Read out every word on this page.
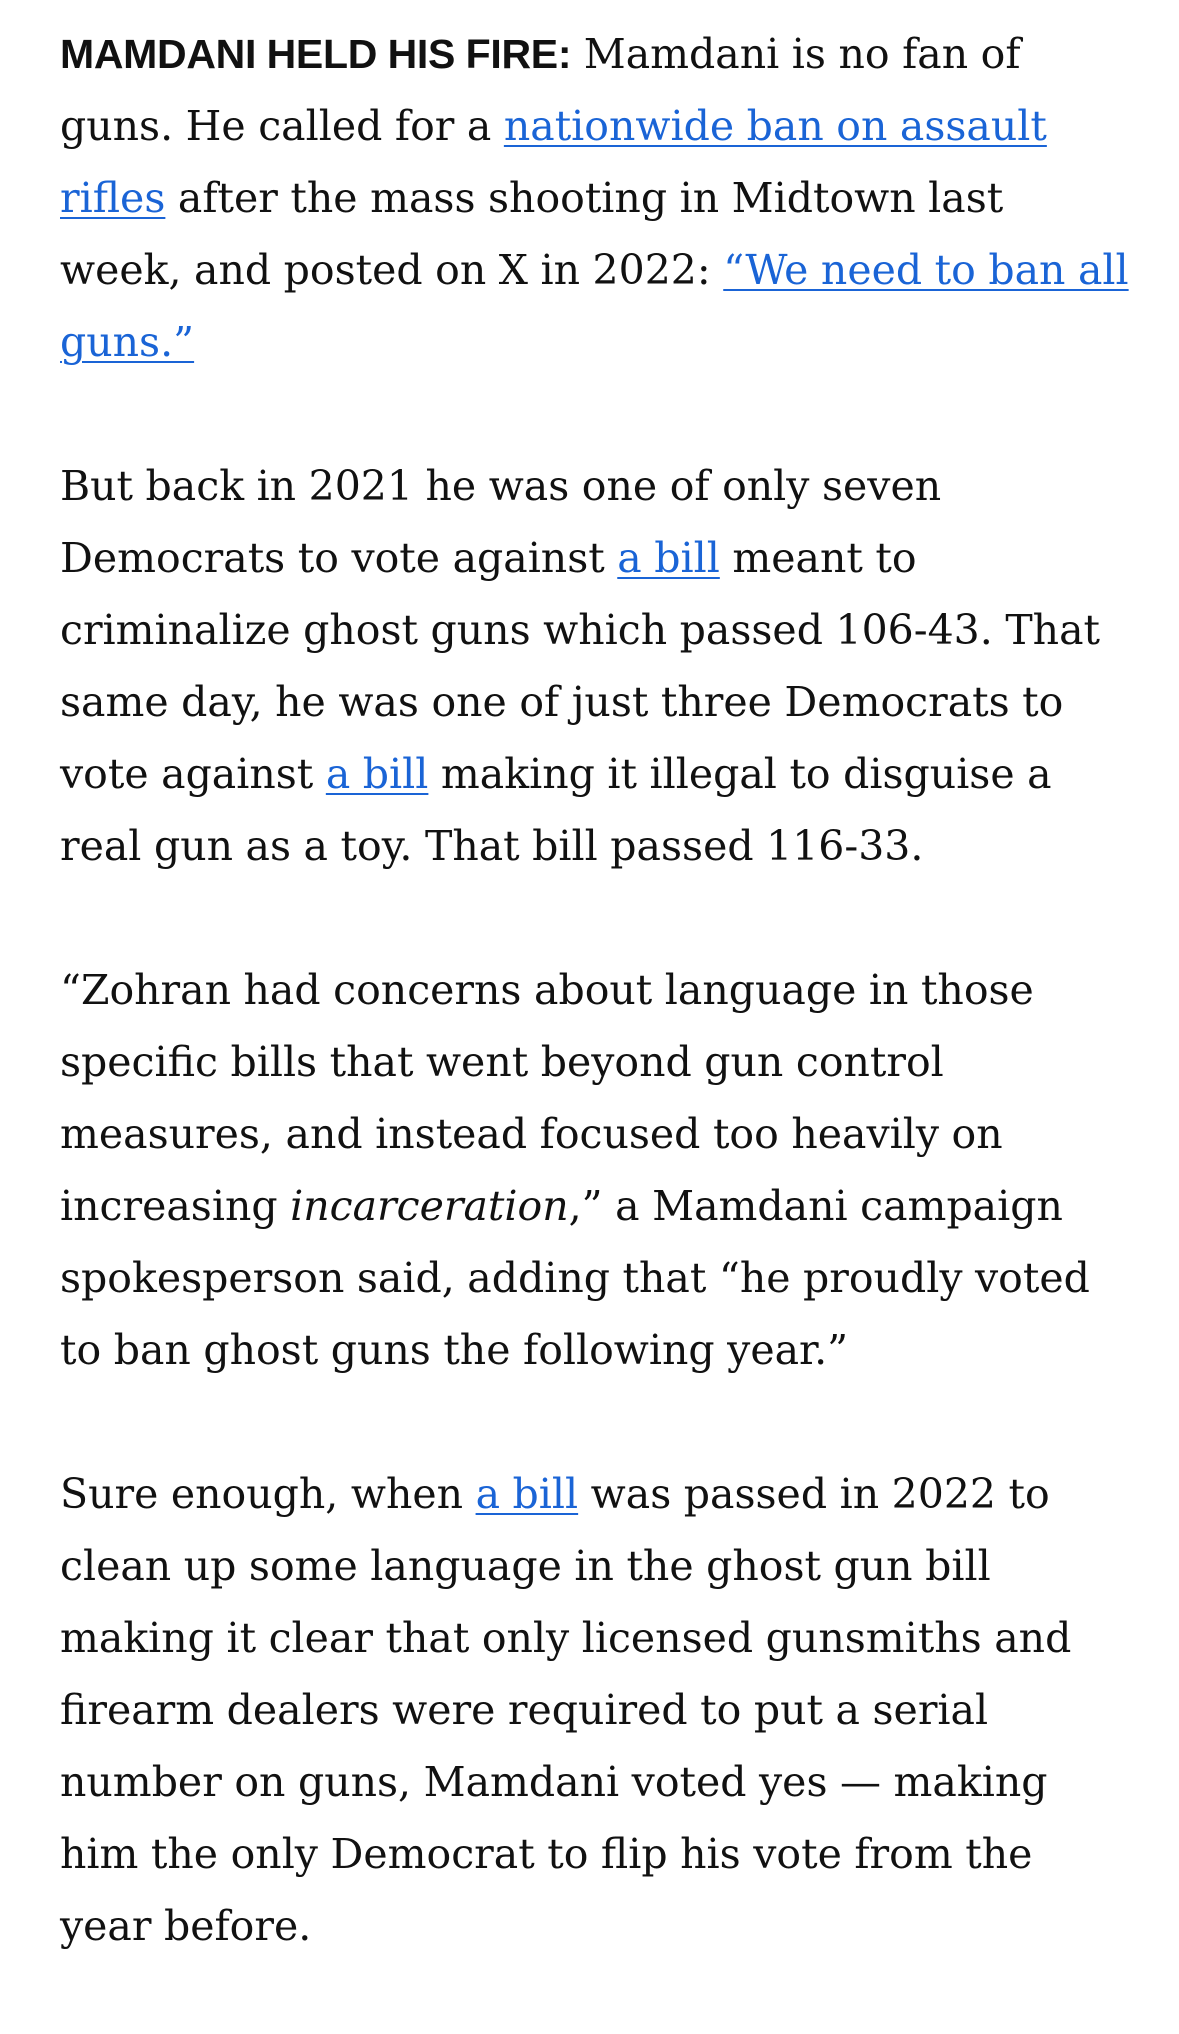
MAMDANI HELD HIS FIRE: Mamdani is no fan of guns. He called for a nationwide ban on assault rifles after the mass shooting in Midtown last week, and posted on X in 2022: “We need to ban all guns.”

But back in 2021 he was one of only seven Democrats to vote against a bill meant to criminalize ghost guns which passed 106-43. That same day, he was one of just three Democrats to vote against a bill making it illegal to disguise a real gun as a toy. That bill passed 116-33.

“Zohran had concerns about language in those specific bills that went beyond gun control measures, and instead focused too heavily on increasing incarceration,” a Mamdani campaign spokesperson said, adding that “he proudly voted to ban ghost guns the following year.”

Sure enough, when a bill was passed in 2022 to clean up some language in the ghost gun bill making it clear that only licensed gunsmiths and firearm dealers were required to put a serial number on guns, Mamdani voted yes — making him the only Democrat to flip his vote from the year before.
